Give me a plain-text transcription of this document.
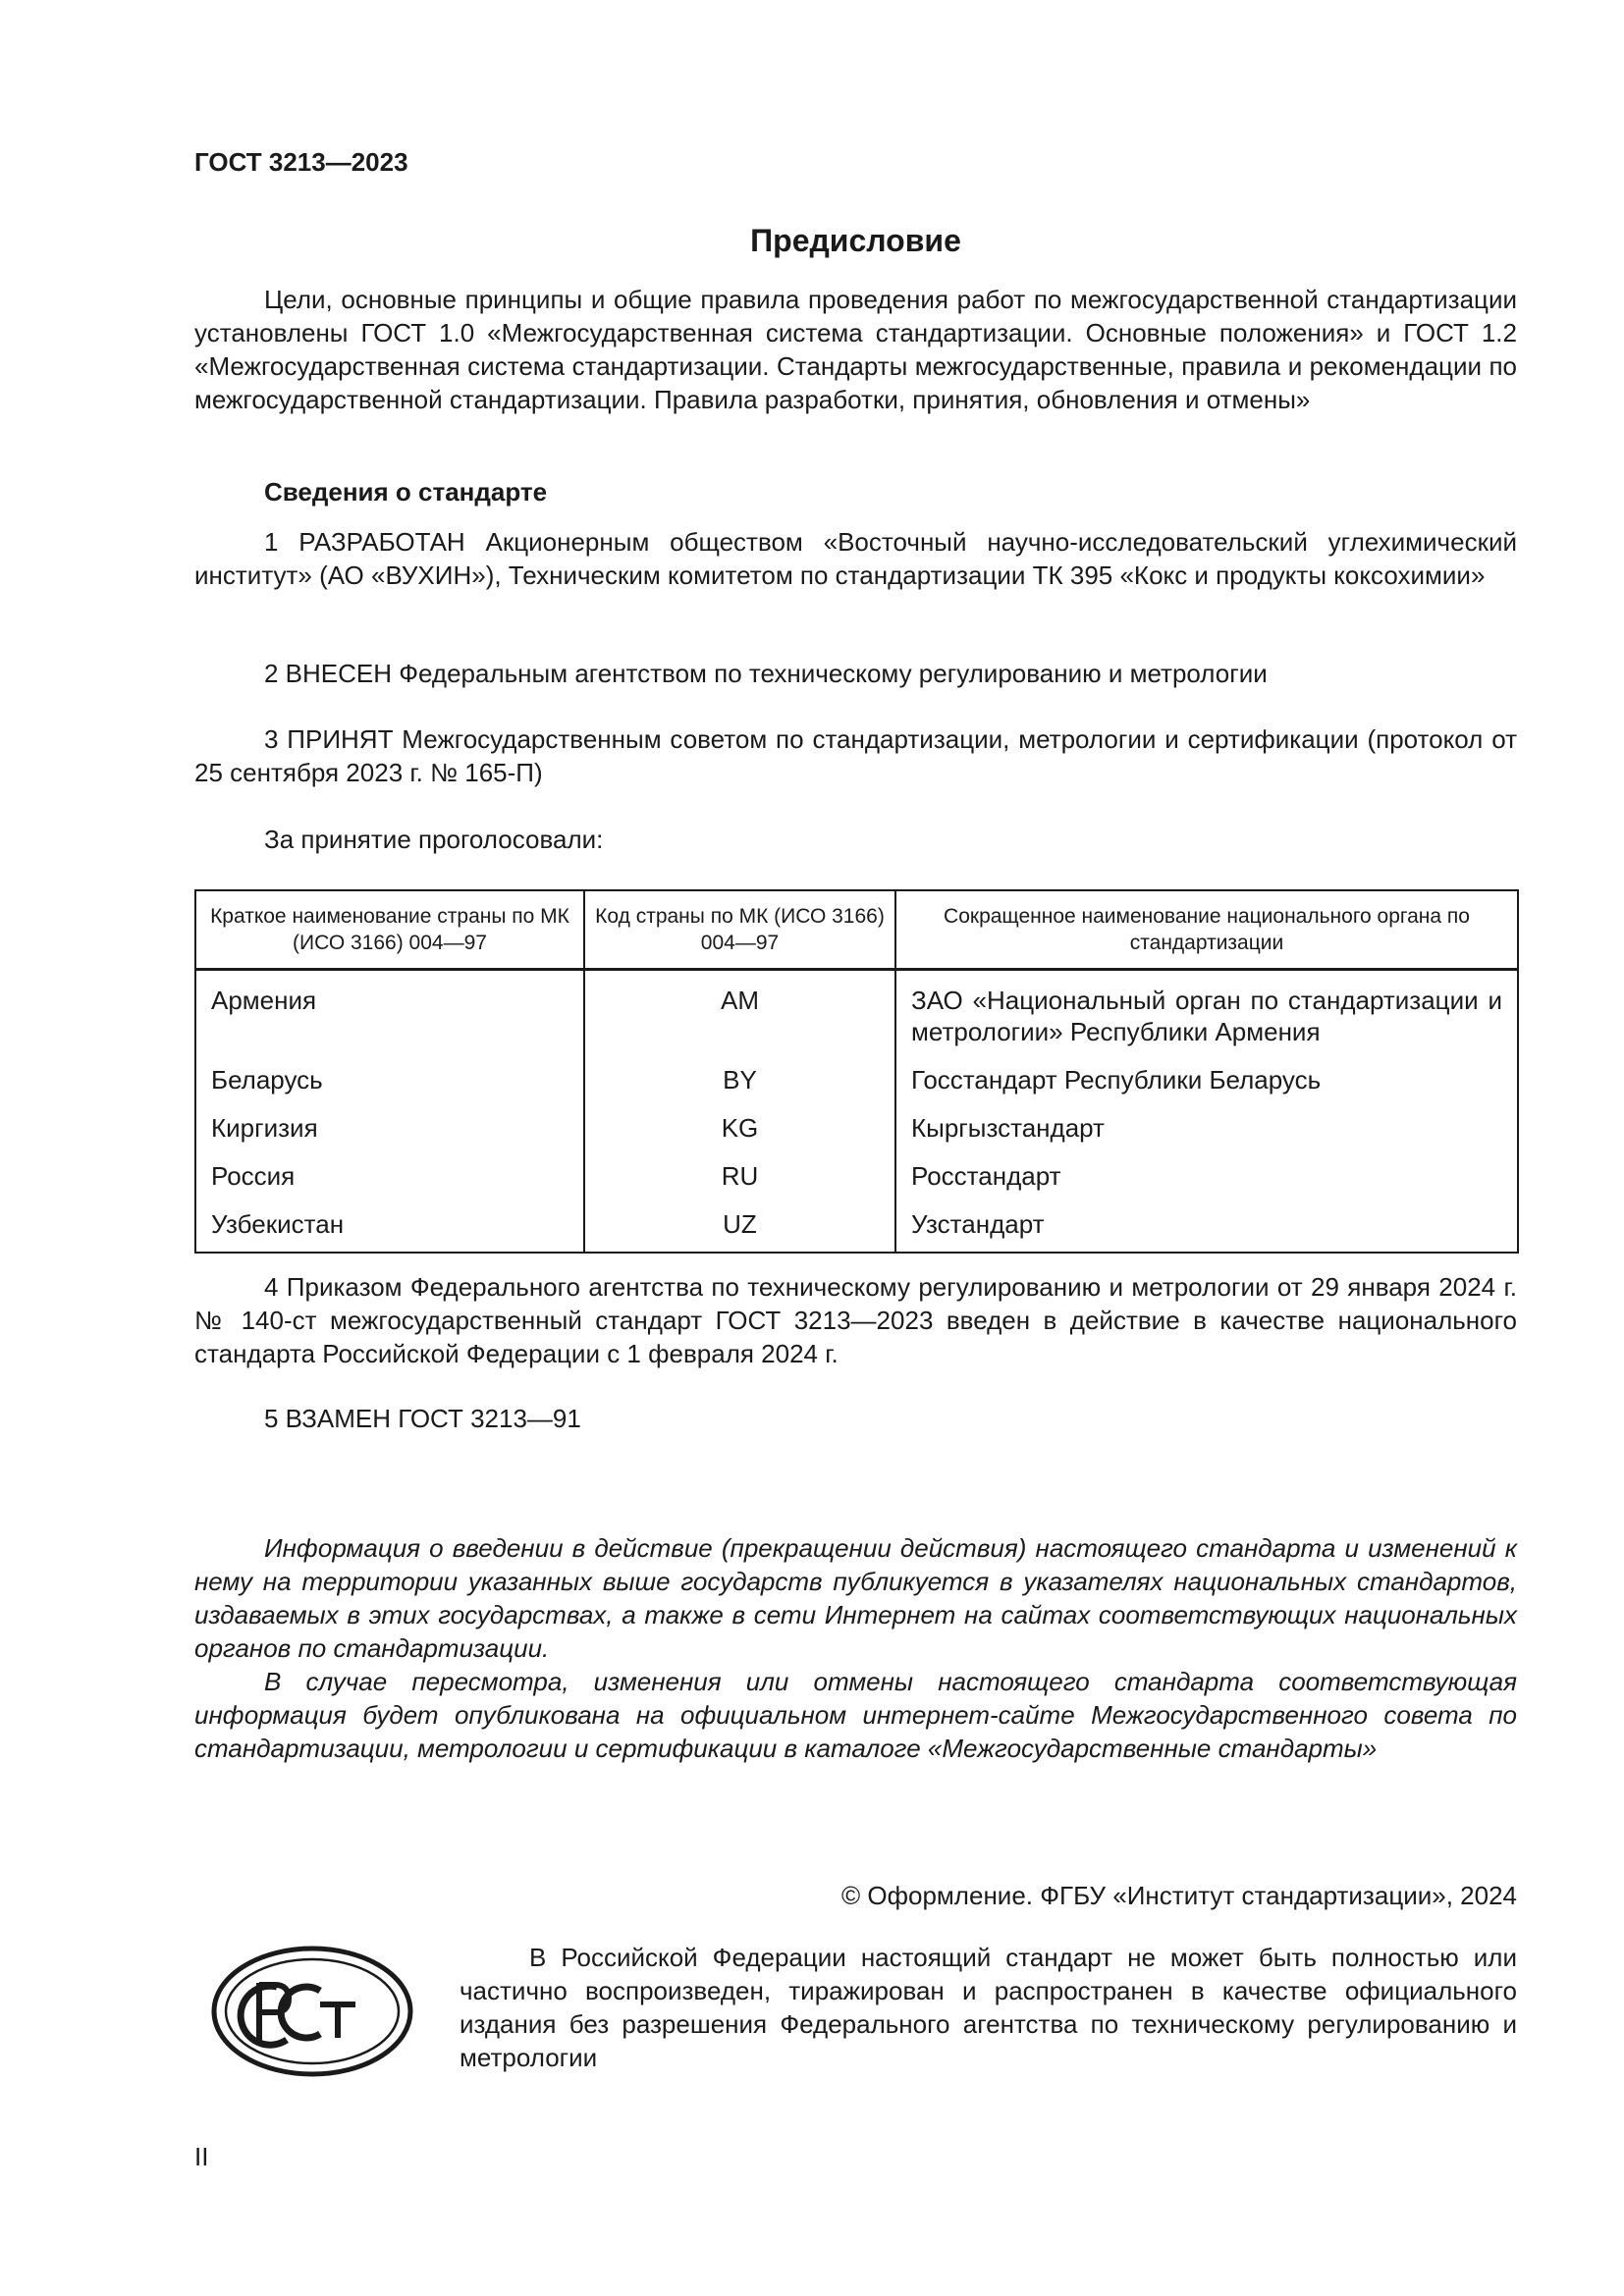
ГОСТ 3213—2023
Предисловие

Цели, основные принципы и общие правила проведения работ по межгосударственной стандартизации установлены ГОСТ 1.0 «Межгосударственная система стандартизации. Основные положения» и ГОСТ 1.2 «Межгосударственная система стандартизации. Стандарты межгосударственные, правила и рекомендации по межгосударственной стандартизации. Правила разработки, принятия, обновления и отмены»

Сведения о стандарте

1 РАЗРАБОТАН Акционерным обществом «Восточный научно-исследовательский углехимический институт» (АО «ВУХИН»), Техническим комитетом по стандартизации ТК 395 «Кокс и продукты коксохимии»

2 ВНЕСЕН Федеральным агентством по техническому регулированию и метрологии

3 ПРИНЯТ Межгосударственным советом по стандартизации, метрологии и сертификации (протокол от 25 сентября 2023 г. № 165-П)

За принятие проголосовали:

Краткое наименование страны по МК (ИСО 3166) 004—97	Код страны по МК (ИСО 3166) 004—97	Сокращенное наименование национального органа по стандартизации
Армения	AM	ЗАО «Национальный орган по стандартизации и метрологии» Республики Армения
Беларусь	BY	Госстандарт Республики Беларусь
Киргизия	KG	Кыргызстандарт
Россия	RU	Росстандарт
Узбекистан	UZ	Узстандарт

4 Приказом Федерального агентства по техническому регулированию и метрологии от 29 января 2024 г. № 140-ст межгосударственный стандарт ГОСТ 3213—2023 введен в действие в качестве национального стандарта Российской Федерации с 1 февраля 2024 г.

5 ВЗАМЕН ГОСТ 3213—91

Информация о введении в действие (прекращении действия) настоящего стандарта и изменений к нему на территории указанных выше государств публикуется в указателях национальных стандартов, издаваемых в этих государствах, а также в сети Интернет на сайтах соответствующих национальных органов по стандартизации.

В случае пересмотра, изменения или отмены настоящего стандарта соответствующая информация будет опубликована на официальном интернет-сайте Межгосударственного совета по стандартизации, метрологии и сертификации в каталоге «Межгосударственные стандарты»

© Оформление. ФГБУ «Институт стандартизации», 2024

В Российской Федерации настоящий стандарт не может быть полностью или частично воспроизведен, тиражирован и распространен в качестве официального издания без разрешения Федерального агентства по техническому регулированию и метрологии

II
